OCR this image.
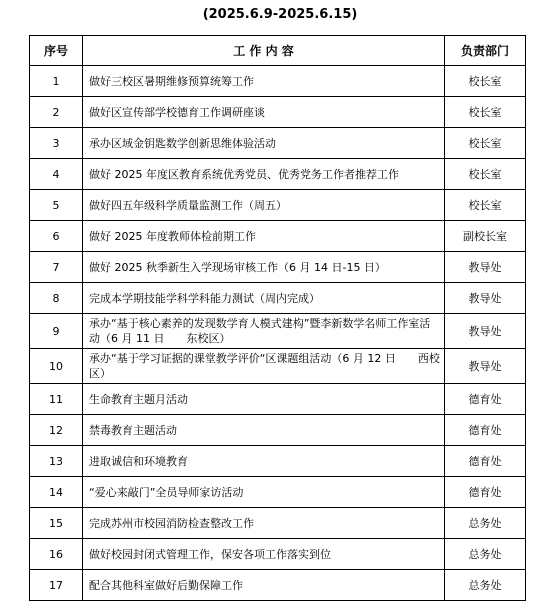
(2025.6.9-2025.6.15)
序号	工 作 内 容	负责部门
1	做好三校区暑期维修预算统筹工作	校长室
2	做好区宣传部学校德育工作调研座谈	校长室
3	承办区域金钥匙数学创新思维体验活动	校长室
4	做好 2025 年度区教育系统优秀党员、优秀党务工作者推荐工作	校长室
5	做好四五年级科学质量监测工作（周五）	校长室
6	做好 2025 年度教师体检前期工作	副校长室
7	做好 2025 秋季新生入学现场审核工作（6 月 14 日-15 日）	教导处
8	完成本学期技能学科学科能力测试（周内完成）	教导处
9	承办“基于核心素养的发现数学育人模式建构”暨李新数学名师工作室活动（6 月 11 日　　东校区）	教导处
10	承办“基于学习证据的课堂教学评价“区课题组活动（6 月 12 日　　西校区）	教导处
11	生命教育主题月活动	德育处
12	禁毒教育主题活动	德育处
13	进取诚信和环境教育	德育处
14	“爱心来敲门”全员导师家访活动	德育处
15	完成苏州市校园消防检查整改工作	总务处
16	做好校园封闭式管理工作，保安各项工作落实到位	总务处
17	配合其他科室做好后勤保障工作	总务处
